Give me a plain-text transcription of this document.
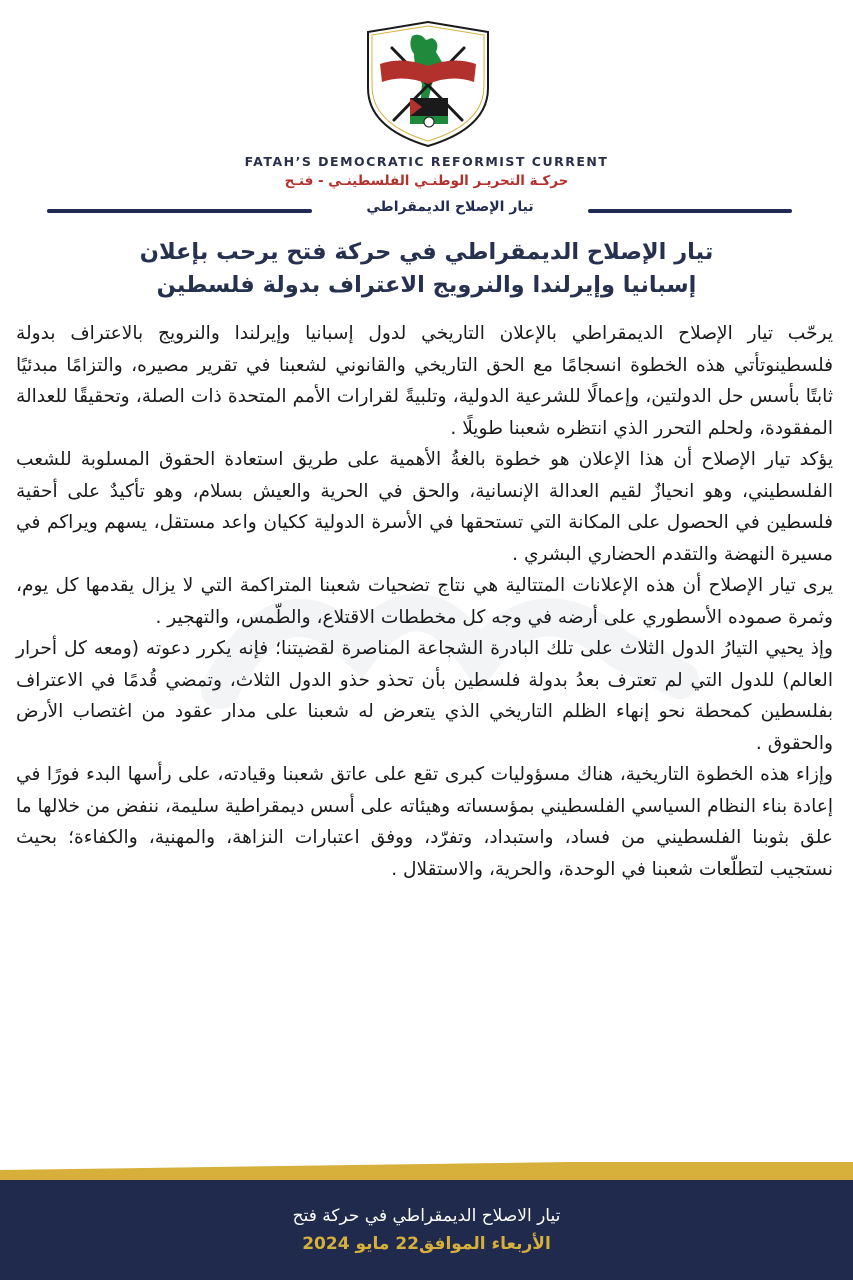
FATAH’S DEMOCRATIC REFORMIST CURRENT
حركـة التحريـر الوطنـي الفلسطينـي - فتـح
تيار الإصلاح الديمقراطي
تيار الإصلاح الديمقراطي في حركة فتح يرحب بإعلان
إسبانيا وإيرلندا والنرويج الاعتراف بدولة فلسطين

يرحّب تيار الإصلاح الديمقراطي بالإعلان التاريخي لدول إسبانيا وإيرلندا والنرويج بالاعتراف بدولة فلسطينوتأتي هذه الخطوة انسجامًا مع الحق التاريخي والقانوني لشعبنا في تقرير مصيره، والتزامًا مبدئيًا ثابتًا بأسس حل الدولتين، وإعمالًا للشرعية الدولية، وتلبيةً لقرارات الأمم المتحدة ذات الصلة، وتحقيقًا للعدالة المفقودة، ولحلم التحرر الذي انتظره شعبنا طويلًا .

يؤكد تيار الإصلاح أن هذا الإعلان هو خطوة بالغةُ الأهمية على طريق استعادة الحقوق المسلوبة للشعب الفلسطيني، وهو انحيازٌ لقيم العدالة الإنسانية، والحق في الحرية والعيش بسلام، وهو تأكيدٌ على أحقية فلسطين في الحصول على المكانة التي تستحقها في الأسرة الدولية ككيان واعد مستقل، يسهم ويراكم في مسيرة النهضة والتقدم الحضاري البشري .

يرى تيار الإصلاح أن هذه الإعلانات المتتالية هي نتاج تضحيات شعبنا المتراكمة التي لا يزال يقدمها كل يوم، وثمرة صموده الأسطوري على أرضه في وجه كل مخططات الاقتلاع، والطّمس، والتهجير .

وإذ يحيي التيارُ الدول الثلاث على تلك البادرة الشجاعة المناصرة لقضيتنا؛ فإنه يكرر دعوته (ومعه كل أحرار العالم) للدول التي لم تعترف بعدُ بدولة فلسطين بأن تحذو حذو الدول الثلاث، وتمضي قُدمًا في الاعتراف بفلسطين كمحطة نحو إنهاء الظلم التاريخي الذي يتعرض له شعبنا على مدار عقود من اغتصاب الأرض والحقوق .

وإزاء هذه الخطوة التاريخية، هناك مسؤوليات كبرى تقع على عاتق شعبنا وقيادته، على رأسها البدء فورًا في إعادة بناء النظام السياسي الفلسطيني بمؤسساته وهيئاته على أسس ديمقراطية سليمة، ننفض من خلالها ما علق بثوبنا الفلسطيني من فساد، واستبداد، وتفرّد، ووفق اعتبارات النزاهة، والمهنية، والكفاءة؛ بحيث نستجيب لتطلّعات شعبنا في الوحدة، والحرية، والاستقلال .

تيار الاصلاح الديمقراطي في حركة فتح
الأربعاء الموافق22 مايو 2024
